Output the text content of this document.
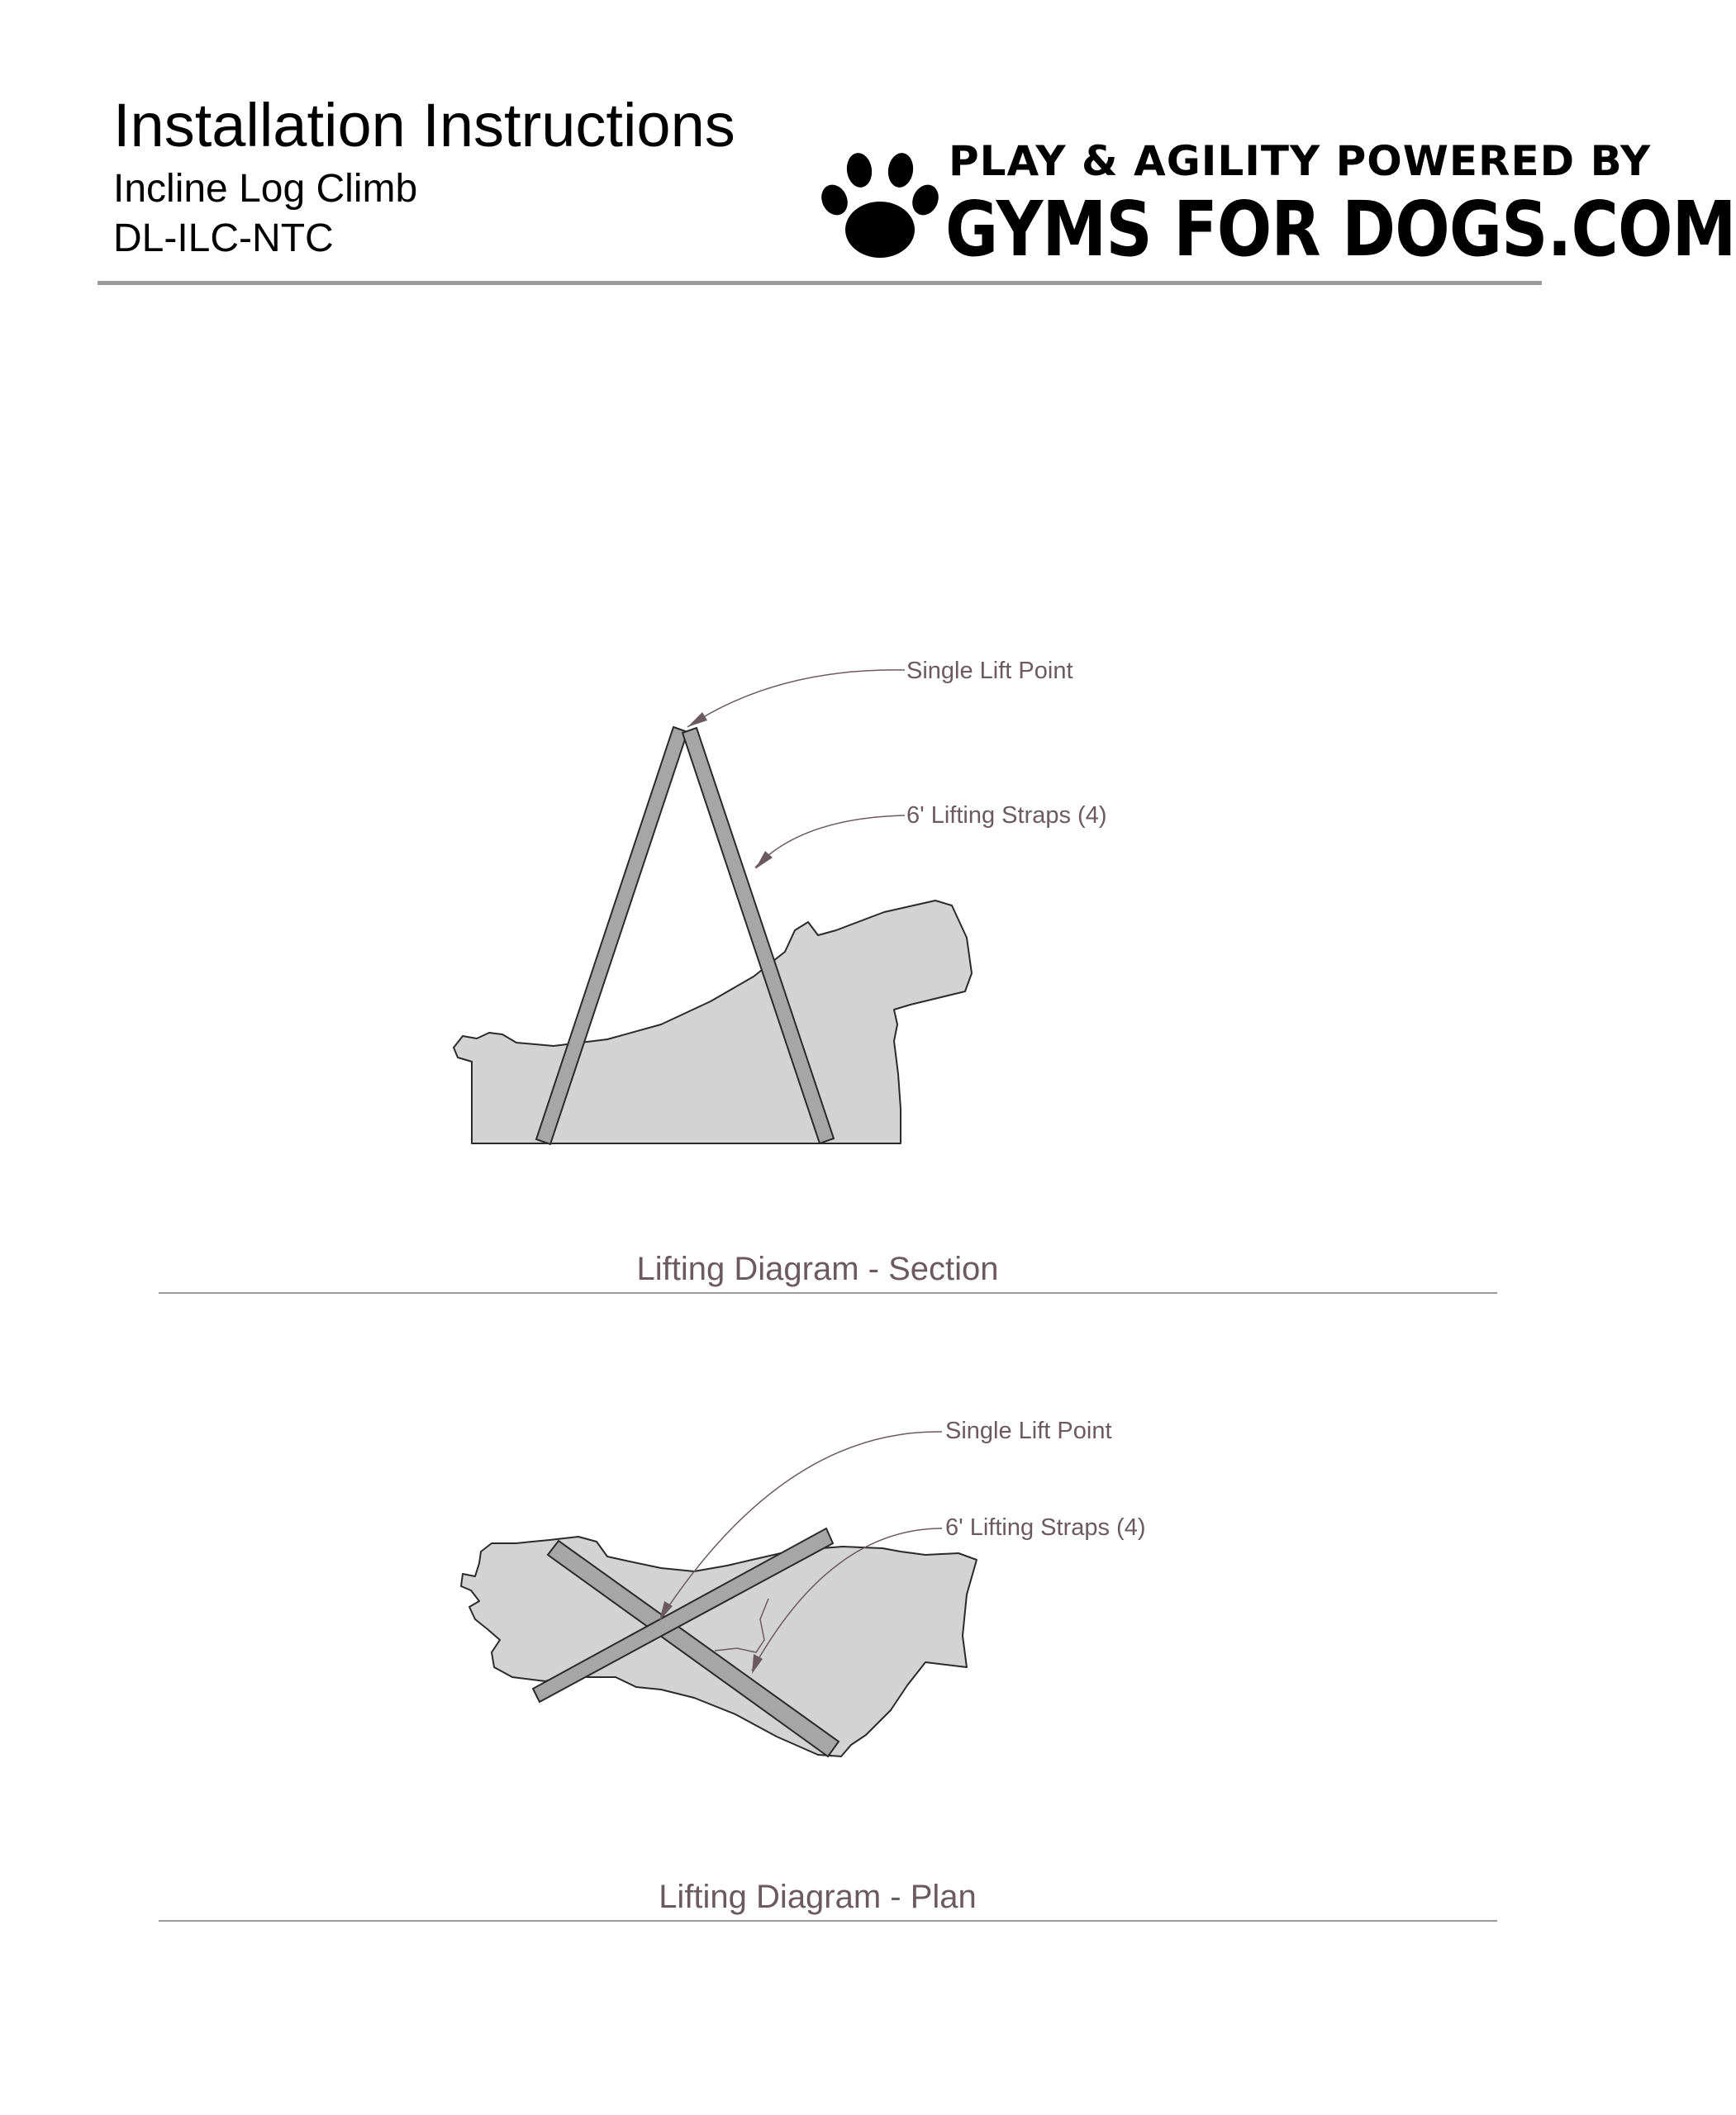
Installation Instructions
Incline Log Climb
DL-ILC-NTC
PLAY & AGILITY POWERED BY
GYMS FOR DOGS.COM
Single Lift Point
6' Lifting Straps (4)
Lifting Diagram - Section
Single Lift Point
6' Lifting Straps (4)
Lifting Diagram - Plan
